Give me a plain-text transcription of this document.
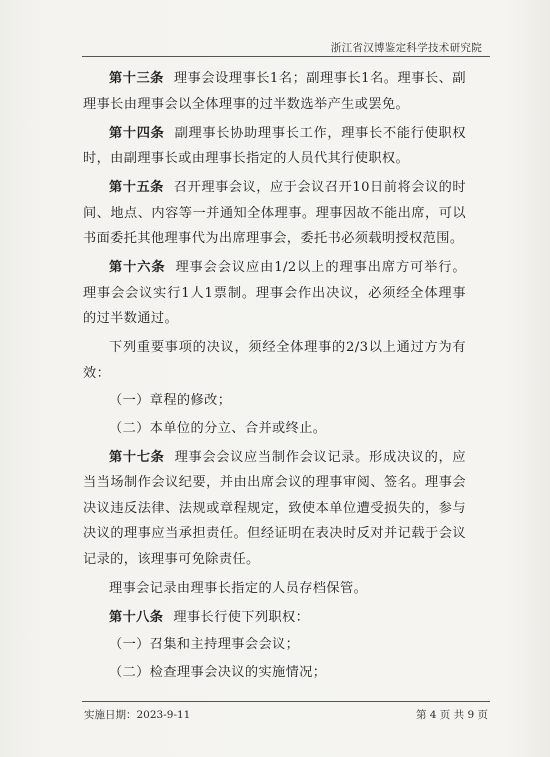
浙江省汉博鉴定科学技术研究院

第十三条 理事会设理事长1名；副理事长1名。理事长、副理事长由理事会以全体理事的过半数选举产生或罢免。

第十四条 副理事长协助理事长工作，理事长不能行使职权时，由副理事长或由理事长指定的人员代其行使职权。

第十五条 召开理事会议，应于会议召开10日前将会议的时间、地点、内容等一并通知全体理事。理事因故不能出席，可以书面委托其他理事代为出席理事会，委托书必须载明授权范围。

第十六条 理事会会议应由1/2以上的理事出席方可举行。理事会会议实行1人1票制。理事会作出决议，必须经全体理事的过半数通过。

下列重要事项的决议，须经全体理事的2/3以上通过方为有效：

（一）章程的修改；

（二）本单位的分立、合并或终止。

第十七条 理事会会议应当制作会议记录。形成决议的，应当当场制作会议纪要，并由出席会议的理事审阅、签名。理事会决议违反法律、法规或章程规定，致使本单位遭受损失的，参与决议的理事应当承担责任。但经证明在表决时反对并记载于会议记录的，该理事可免除责任。

理事会记录由理事长指定的人员存档保管。

第十八条 理事长行使下列职权：

（一）召集和主持理事会会议；

（二）检查理事会决议的实施情况；

实施日期：2023-9-11	第 4 页 共 9 页
